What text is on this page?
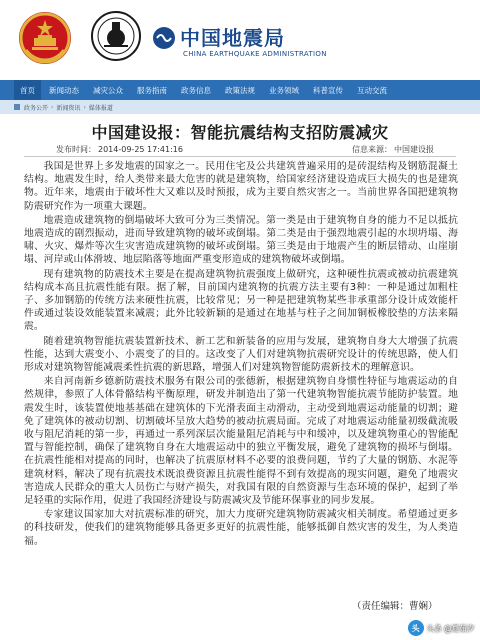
中国地震局
CHINA EARTHQUAKE ADMINISTRATION
首页	新闻动态 减灾公众 服务指南 政务信息 政策法规 业务领域 科普宣传 互动交流
政务公开 › 新闻资讯 › 媒体报道
中国建设报：智能抗震结构支招防震减灾
发布时间： 2014-09-25 17:41:16	信息来源： 中国建设报

我国是世界上多发地震的国家之一。民用住宅及公共建筑普遍采用的是砖混结构及钢筋混凝土结构。地震发生时，给人类带来最大危害的就是建筑物，给国家经济建设造成巨大损失的也是建筑物。近年来，地震由于破坏性大又难以及时预报，成为主要自然灾害之一。当前世界各国把建筑物防震研究作为一项重大课题。

地震造成建筑物的倒塌破坏大致可分为三类情况。第一类是由于建筑物自身的能力不足以抵抗地震造成的剧烈振动，进而导致建筑物的破坏或倒塌。第二类是由于强烈地震引起的水坝坍塌、海啸、火灾、爆炸等次生灾害造成建筑物的破坏或倒塌。第三类是由于地震产生的断层错动、山崖崩塌、河岸或山体滑坡、地层陷落等地面严重变形造成的建筑物破坏或倒塌。

现有建筑物的防震技术主要是在提高建筑物抗震强度上做研究，这种硬性抗震或被动抗震建筑结构成本高且抗震性能有限。据了解，目前国内建筑物的抗震方法主要有3种：一种是通过加粗柱子、多加钢筋的传统方法来硬性抗震，比较常见；另一种是把建筑物某些非承重部分设计成效能杆件或通过装设效能装置来减震；此外比较新颖的是通过在地基与柱子之间加铜板橡胶垫的方法来隔震。

随着建筑物智能抗震装置新技术、新工艺和新装备的应用与发展，建筑物自身大大增强了抗震性能，达到大震变小、小震变了的目的。这改变了人们对建筑物抗震研究设计的传统思路，使人们形成对建筑物智能减震柔性抗震的新思路，增强人们对建筑物智能防震新技术的理解意识。

来自河南新乡德新防震技术服务有限公司的张德新，根据建筑物自身惯性特征与地震运动的自然规律，参照了人体骨骼结构平衡原理，研发并制造出了第一代建筑物智能抗震节能防护装置。地震发生时，该装置使地基基础在建筑体的下光滑表面主动滑动，主动受到地震运动能量的切割；避免了建筑体的被动切割、切割破坏呈放大趋势的被动抗震局面。完成了对地震运动能量初级截流吸收与阻尼消耗的第一步，再通过一系列深层次能量阻尼消耗与中和缓冲，以及建筑物重心的智能配置与智能控制，确保了建筑物自身在大地震运动中的独立平衡发展，避免了建筑物的损坏与倒塌。在抗震性能相对提高的同时，也解决了抗震原材料不必要的浪费问题，节约了大量的钢筋、水泥等建筑材料，解决了现有抗震技术既浪费资源且抗震性能得不到有效提高的现实问题，避免了地震灾害造成人民群众的重大人员伤亡与财产损失，对我国有限的自然资源与生态环境的保护，起到了举足轻重的实际作用，促进了我国经济建设与防震减灾及节能环保事业的同步发展。

专家建议国家加大对抗震标准的研究，加大力度研究建筑物防震减灾相关制度。希望通过更多的科技研发，使我们的建筑物能够具备更多更好的抗震性能，能够抵御自然灾害的发生，为人类造福。

（责任编辑：曹娴）
头 头条 @夏茹汐
